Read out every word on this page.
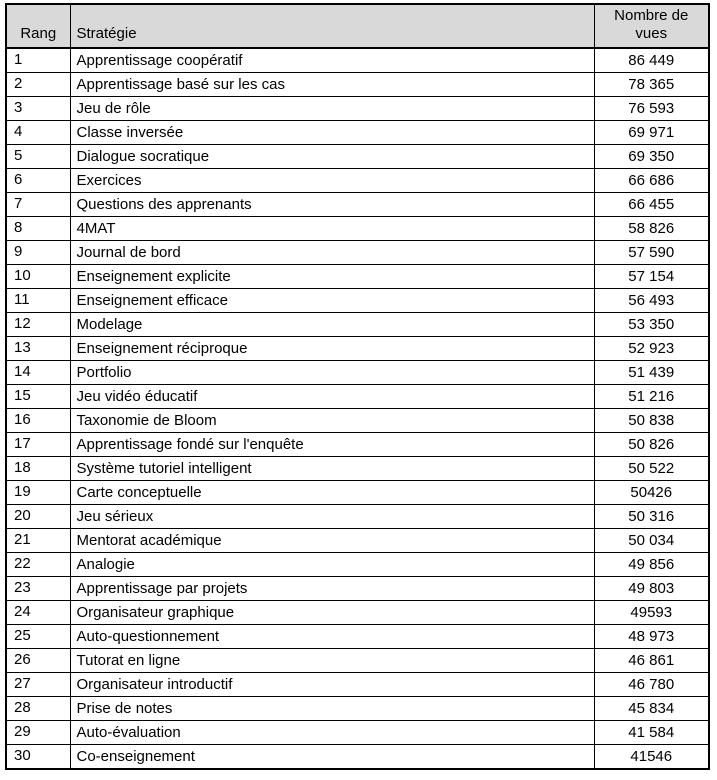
Rang	Stratégie	Nombre de vues
1	Apprentissage coopératif	86 449
2	Apprentissage basé sur les cas	78 365
3	Jeu de rôle	76 593
4	Classe inversée	69 971
5	Dialogue socratique	69 350
6	Exercices	66 686
7	Questions des apprenants	66 455
8	4MAT	58 826
9	Journal de bord	57 590
10	Enseignement explicite	57 154
11	Enseignement efficace	56 493
12	Modelage	53 350
13	Enseignement réciproque	52 923
14	Portfolio	51 439
15	Jeu vidéo éducatif	51 216
16	Taxonomie de Bloom	50 838
17	Apprentissage fondé sur l'enquête	50 826
18	Système tutoriel intelligent	50 522
19	Carte conceptuelle	50426
20	Jeu sérieux	50 316
21	Mentorat académique	50 034
22	Analogie	49 856
23	Apprentissage par projets	49 803
24	Organisateur graphique	49593
25	Auto-questionnement	48 973
26	Tutorat en ligne	46 861
27	Organisateur introductif	46 780
28	Prise de notes	45 834
29	Auto-évaluation	41 584
30	Co-enseignement	41546
